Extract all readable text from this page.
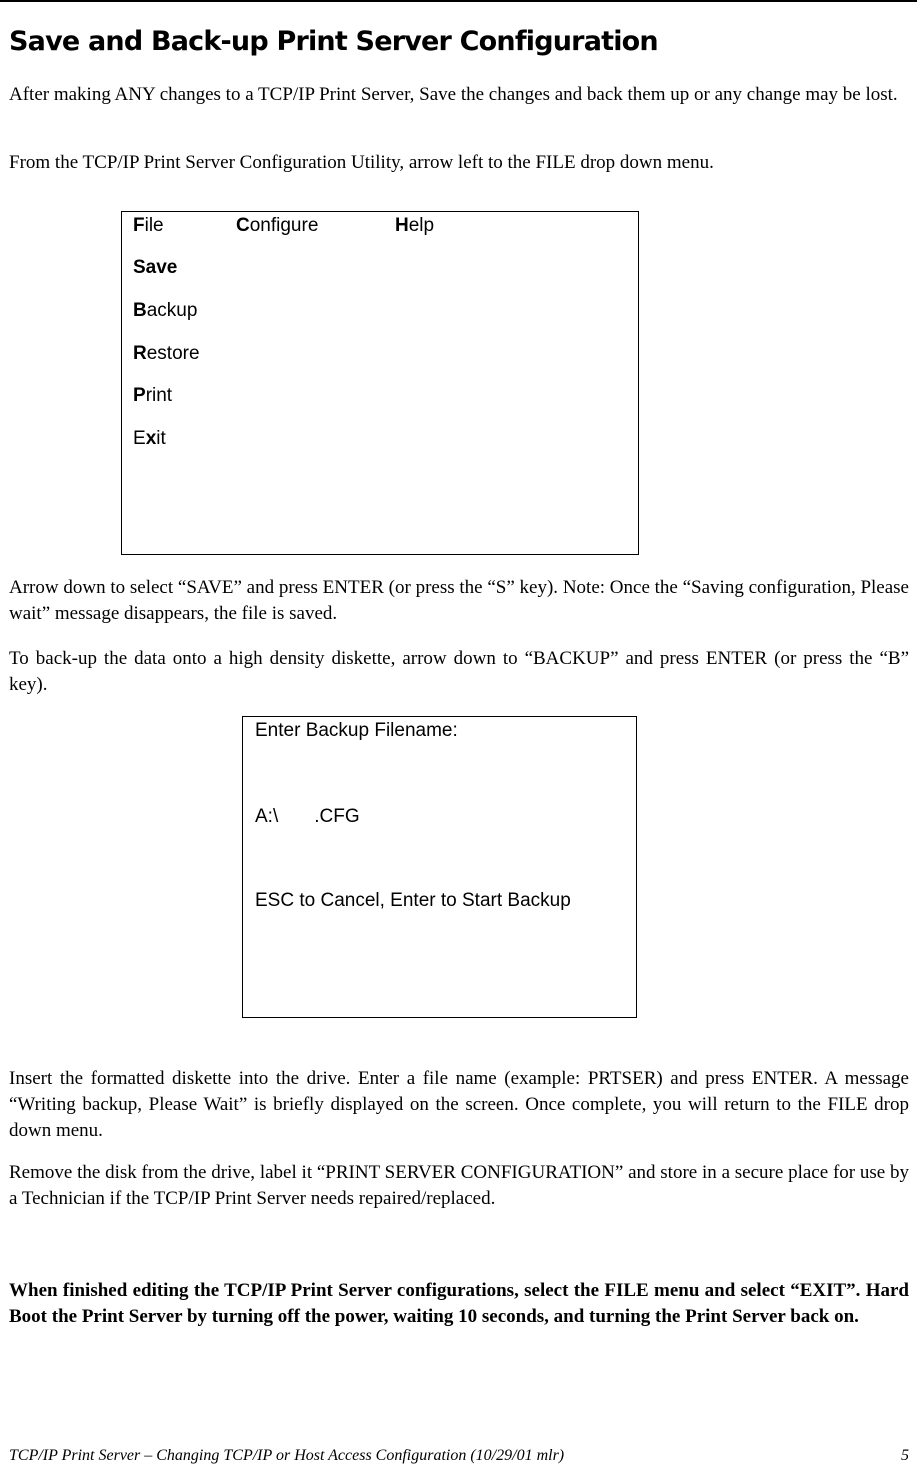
Save and Back-up Print Server Configuration

After making ANY changes to a TCP/IP Print Server, Save the changes and back them up or any change may be lost.

From the TCP/IP Print Server Configuration Utility, arrow left to the FILE drop down menu.

File	Configure	Help
Save
Backup
Restore
Print
Exit

Arrow down to select “SAVE” and press ENTER (or press the “S” key). Note: Once the “Saving configuration, Please wait” message disappears, the file is saved.

To back-up the data onto a high density diskette, arrow down to “BACKUP” and press ENTER (or press the “B” key).

Enter Backup Filename:
A:\ .CFG
ESC to Cancel, Enter to Start Backup

Insert the formatted diskette into the drive. Enter a file name (example: PRTSER) and press ENTER. A message “Writing backup, Please Wait” is briefly displayed on the screen. Once complete, you will return to the FILE drop down menu.

Remove the disk from the drive, label it “PRINT SERVER CONFIGURATION” and store in a secure place for use by a Technician if the TCP/IP Print Server needs repaired/replaced.

When finished editing the TCP/IP Print Server configurations, select the FILE menu and select “EXIT”. Hard Boot the Print Server by turning off the power, waiting 10 seconds, and turning the Print Server back on.

TCP/IP Print Server – Changing TCP/IP or Host Access Configuration (10/29/01 mlr)	5
